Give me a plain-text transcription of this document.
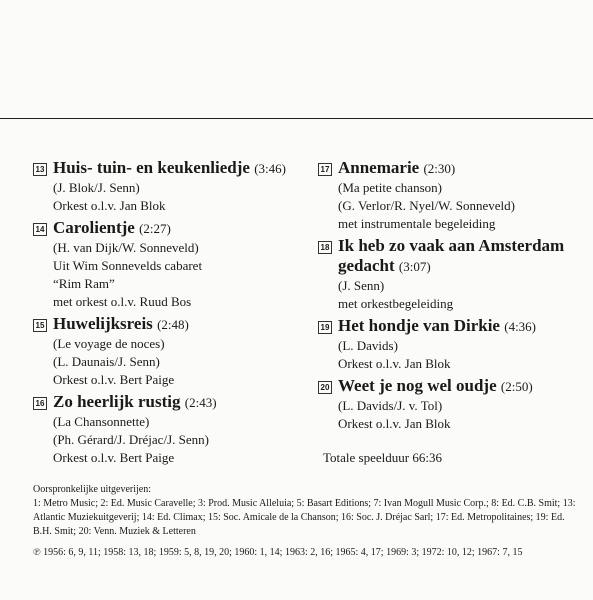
13 Huis- tuin- en keukenliedje (3:46)
(J. Blok/J. Senn)
Orkest o.l.v. Jan Blok
14 Carolientje (2:27)
(H. van Dijk/W. Sonneveld)
Uit Wim Sonnevelds cabaret
“Rim Ram”
met orkest o.l.v. Ruud Bos
15 Huwelijksreis (2:48)
(Le voyage de noces)
(L. Daunais/J. Senn)
Orkest o.l.v. Bert Paige
16 Zo heerlijk rustig (2:43)
(La Chansonnette)
(Ph. Gérard/J. Dréjac/J. Senn)
Orkest o.l.v. Bert Paige
17 Annemarie (2:30)
(Ma petite chanson)
(G. Verlor/R. Nyel/W. Sonneveld)
met instrumentale begeleiding
18 Ik heb zo vaak aan Amsterdam gedacht (3:07)
(J. Senn)
met orkestbegeleiding
19 Het hondje van Dirkie (4:36)
(L. Davids)
Orkest o.l.v. Jan Blok
20 Weet je nog wel oudje (2:50)
(L. Davids/J. v. Tol)
Orkest o.l.v. Jan Blok
Totale speelduur 66:36
Oorspronkelijke uitgeverijen:
1: Metro Music; 2: Ed. Music Caravelle; 3: Prod. Music Alleluia; 5: Basart Editions; 7: Ivan Mogull Music Corp.; 8: Ed. C.B. Smit; 13: Atlantic Muziekuitgeverij; 14: Ed. Climax; 15: Soc. Amicale de la Chanson; 16: Soc. J. Dréjac Sarl; 17: Ed. Metropolitaines; 19: Ed. B.H. Smit; 20: Venn. Muziek & Letteren
℗ 1956: 6, 9, 11; 1958: 13, 18; 1959: 5, 8, 19, 20; 1960: 1, 14; 1963: 2, 16; 1965: 4, 17; 1969: 3; 1972: 10, 12; 1967: 7, 15
